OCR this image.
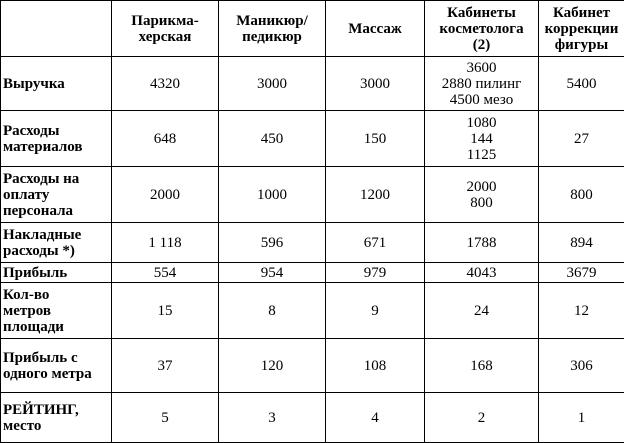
	Парикма-
херская	Маникюр/
педикюр	Массаж	Кабинеты
косметолога
(2)	Кабинет
коррекции
фигуры

Выручка	4320	3000	3000	3600
2880 пилинг
4500 мезо	5400

Расходы
материалов	648	450	150	1080
144
1125	27

Расходы на
оплату
персонала	2000	1000	1200	2000
800	800

Накладные
расходы *)	1 118	596	671	1788	894

Прибыль	554	954	979	4043	3679

Кол-во
метров
площади	15	8	9	24	12

Прибыль с
одного метра	37	120	108	168	306

РЕЙТИНГ,
место	5	3	4	2	1
